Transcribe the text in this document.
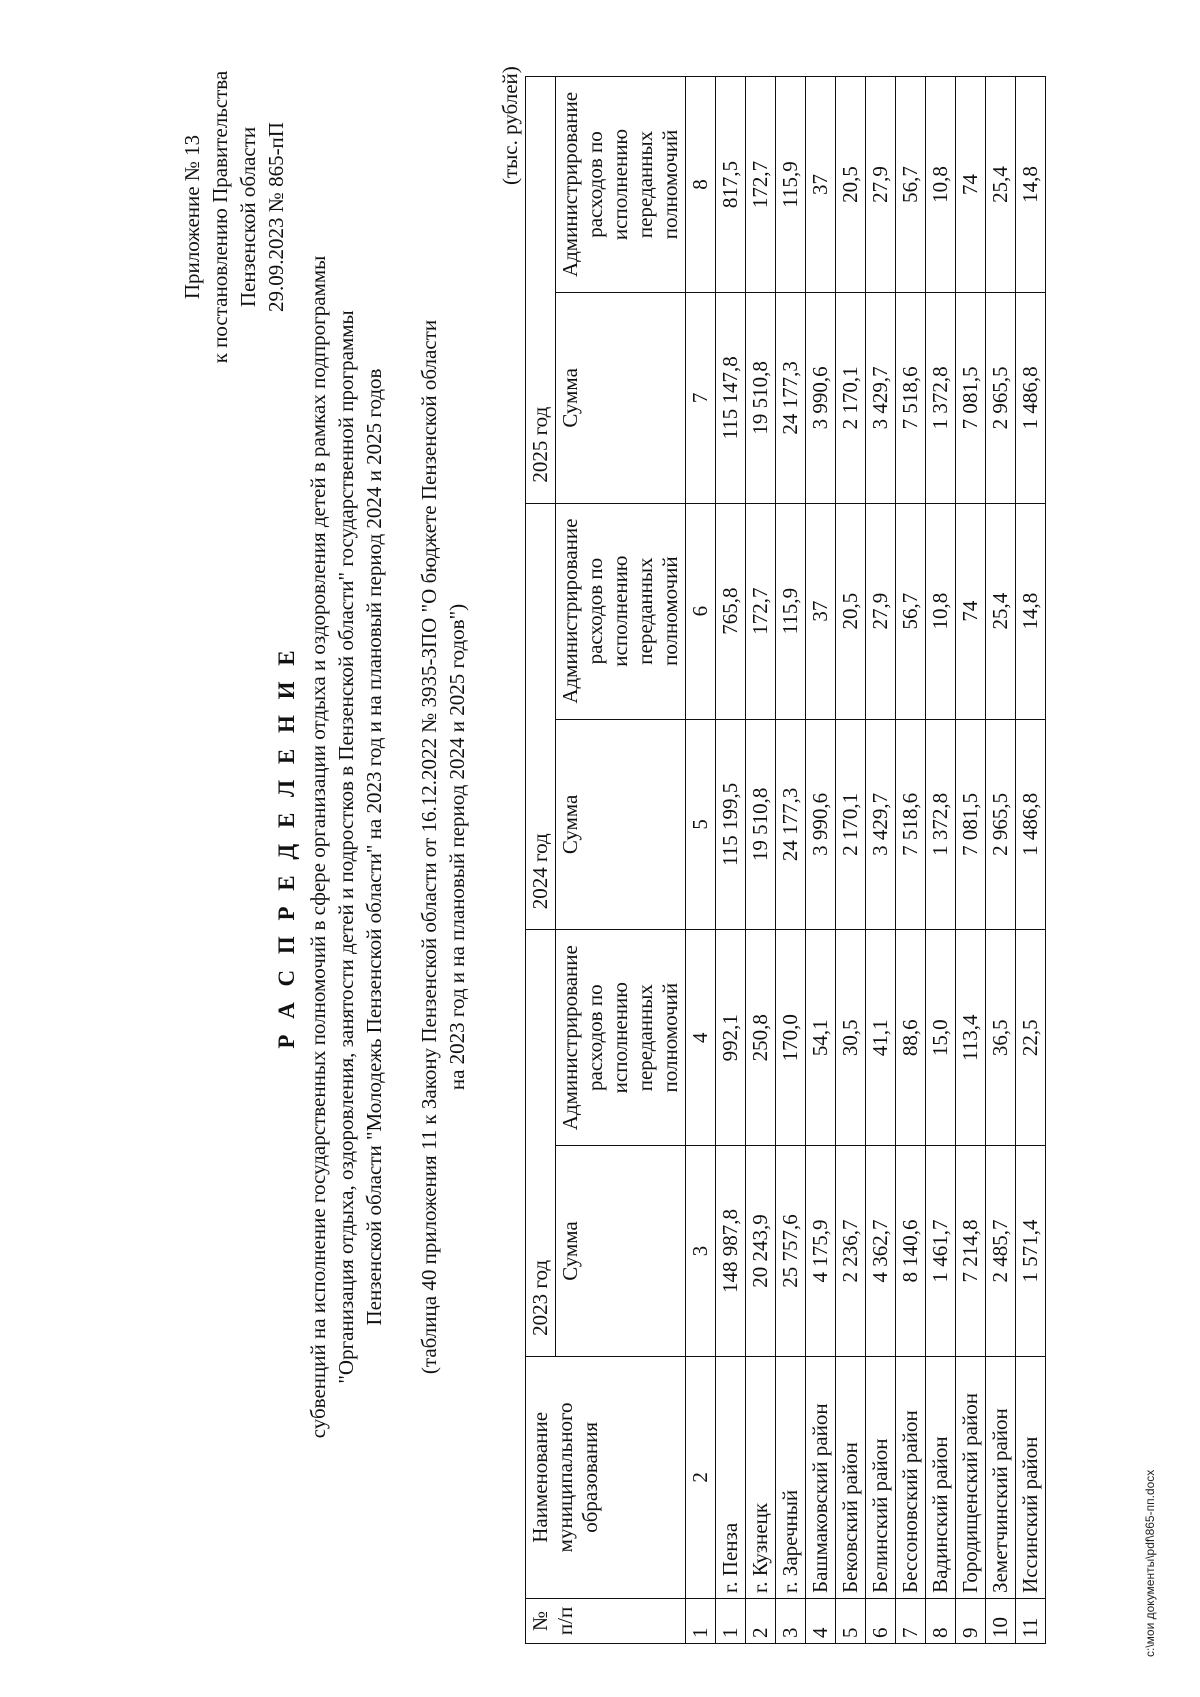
Приложение № 13 к постановлению Правительства Пензенской области 29.09.2023 № 865-пП
Р А С П Р Е Д Е Л Е Н И Е субвенций на исполнение государственных полномочий в сфере организации отдыха и оздоровления детей в рамках подпрограммы "Организация отдыха, оздоровления, занятости детей и подростков в Пензенской области" государственной программы Пензенской области "Молодежь Пензенской области" на 2023 год и на плановый период 2024 и 2025 годов (таблица 40 приложения 11 к Закону Пензенской области от 16.12.2022 № 3935-ЗПО "О бюджете Пензенской области на 2023 год и на плановый период 2024 и 2025 годов")
(тыс. рублей)
№ п/п	Наименование муниципального образования	2023 год		2024 год		2025 год	
		Сумма	Администрирование расходов по исполнению переданных полномочий	Сумма	Администрирование расходов по исполнению переданных полномочий	Сумма	Администрирование расходов по исполнению переданных полномочий
1	2	3	4	5	6	7	8
1	г. Пенза	148 987,8	992,1	115 199,5	765,8	115 147,8	817,5
2	г. Кузнецк	20 243,9	250,8	19 510,8	172,7	19 510,8	172,7
3	г. Заречный	25 757,6	170,0	24 177,3	115,9	24 177,3	115,9
4	Башмаковский район	4 175,9	54,1	3 990,6	37	3 990,6	37
5	Бековский район	2 236,7	30,5	2 170,1	20,5	2 170,1	20,5
6	Белинский район	4 362,7	41,1	3 429,7	27,9	3 429,7	27,9
7	Бессоновский район	8 140,6	88,6	7 518,6	56,7	7 518,6	56,7
8	Вадинский район	1 461,7	15,0	1 372,8	10,8	1 372,8	10,8
9	Городищенский район	7 214,8	113,4	7 081,5	74	7 081,5	74
10	Земетчинский район	2 485,7	36,5	2 965,5	25,4	2 965,5	25,4
11	Иссинский район	1 571,4	22,5	1 486,8	14,8	1 486,8	14,8
c:\мои документы\pdf\865-пп.docx
